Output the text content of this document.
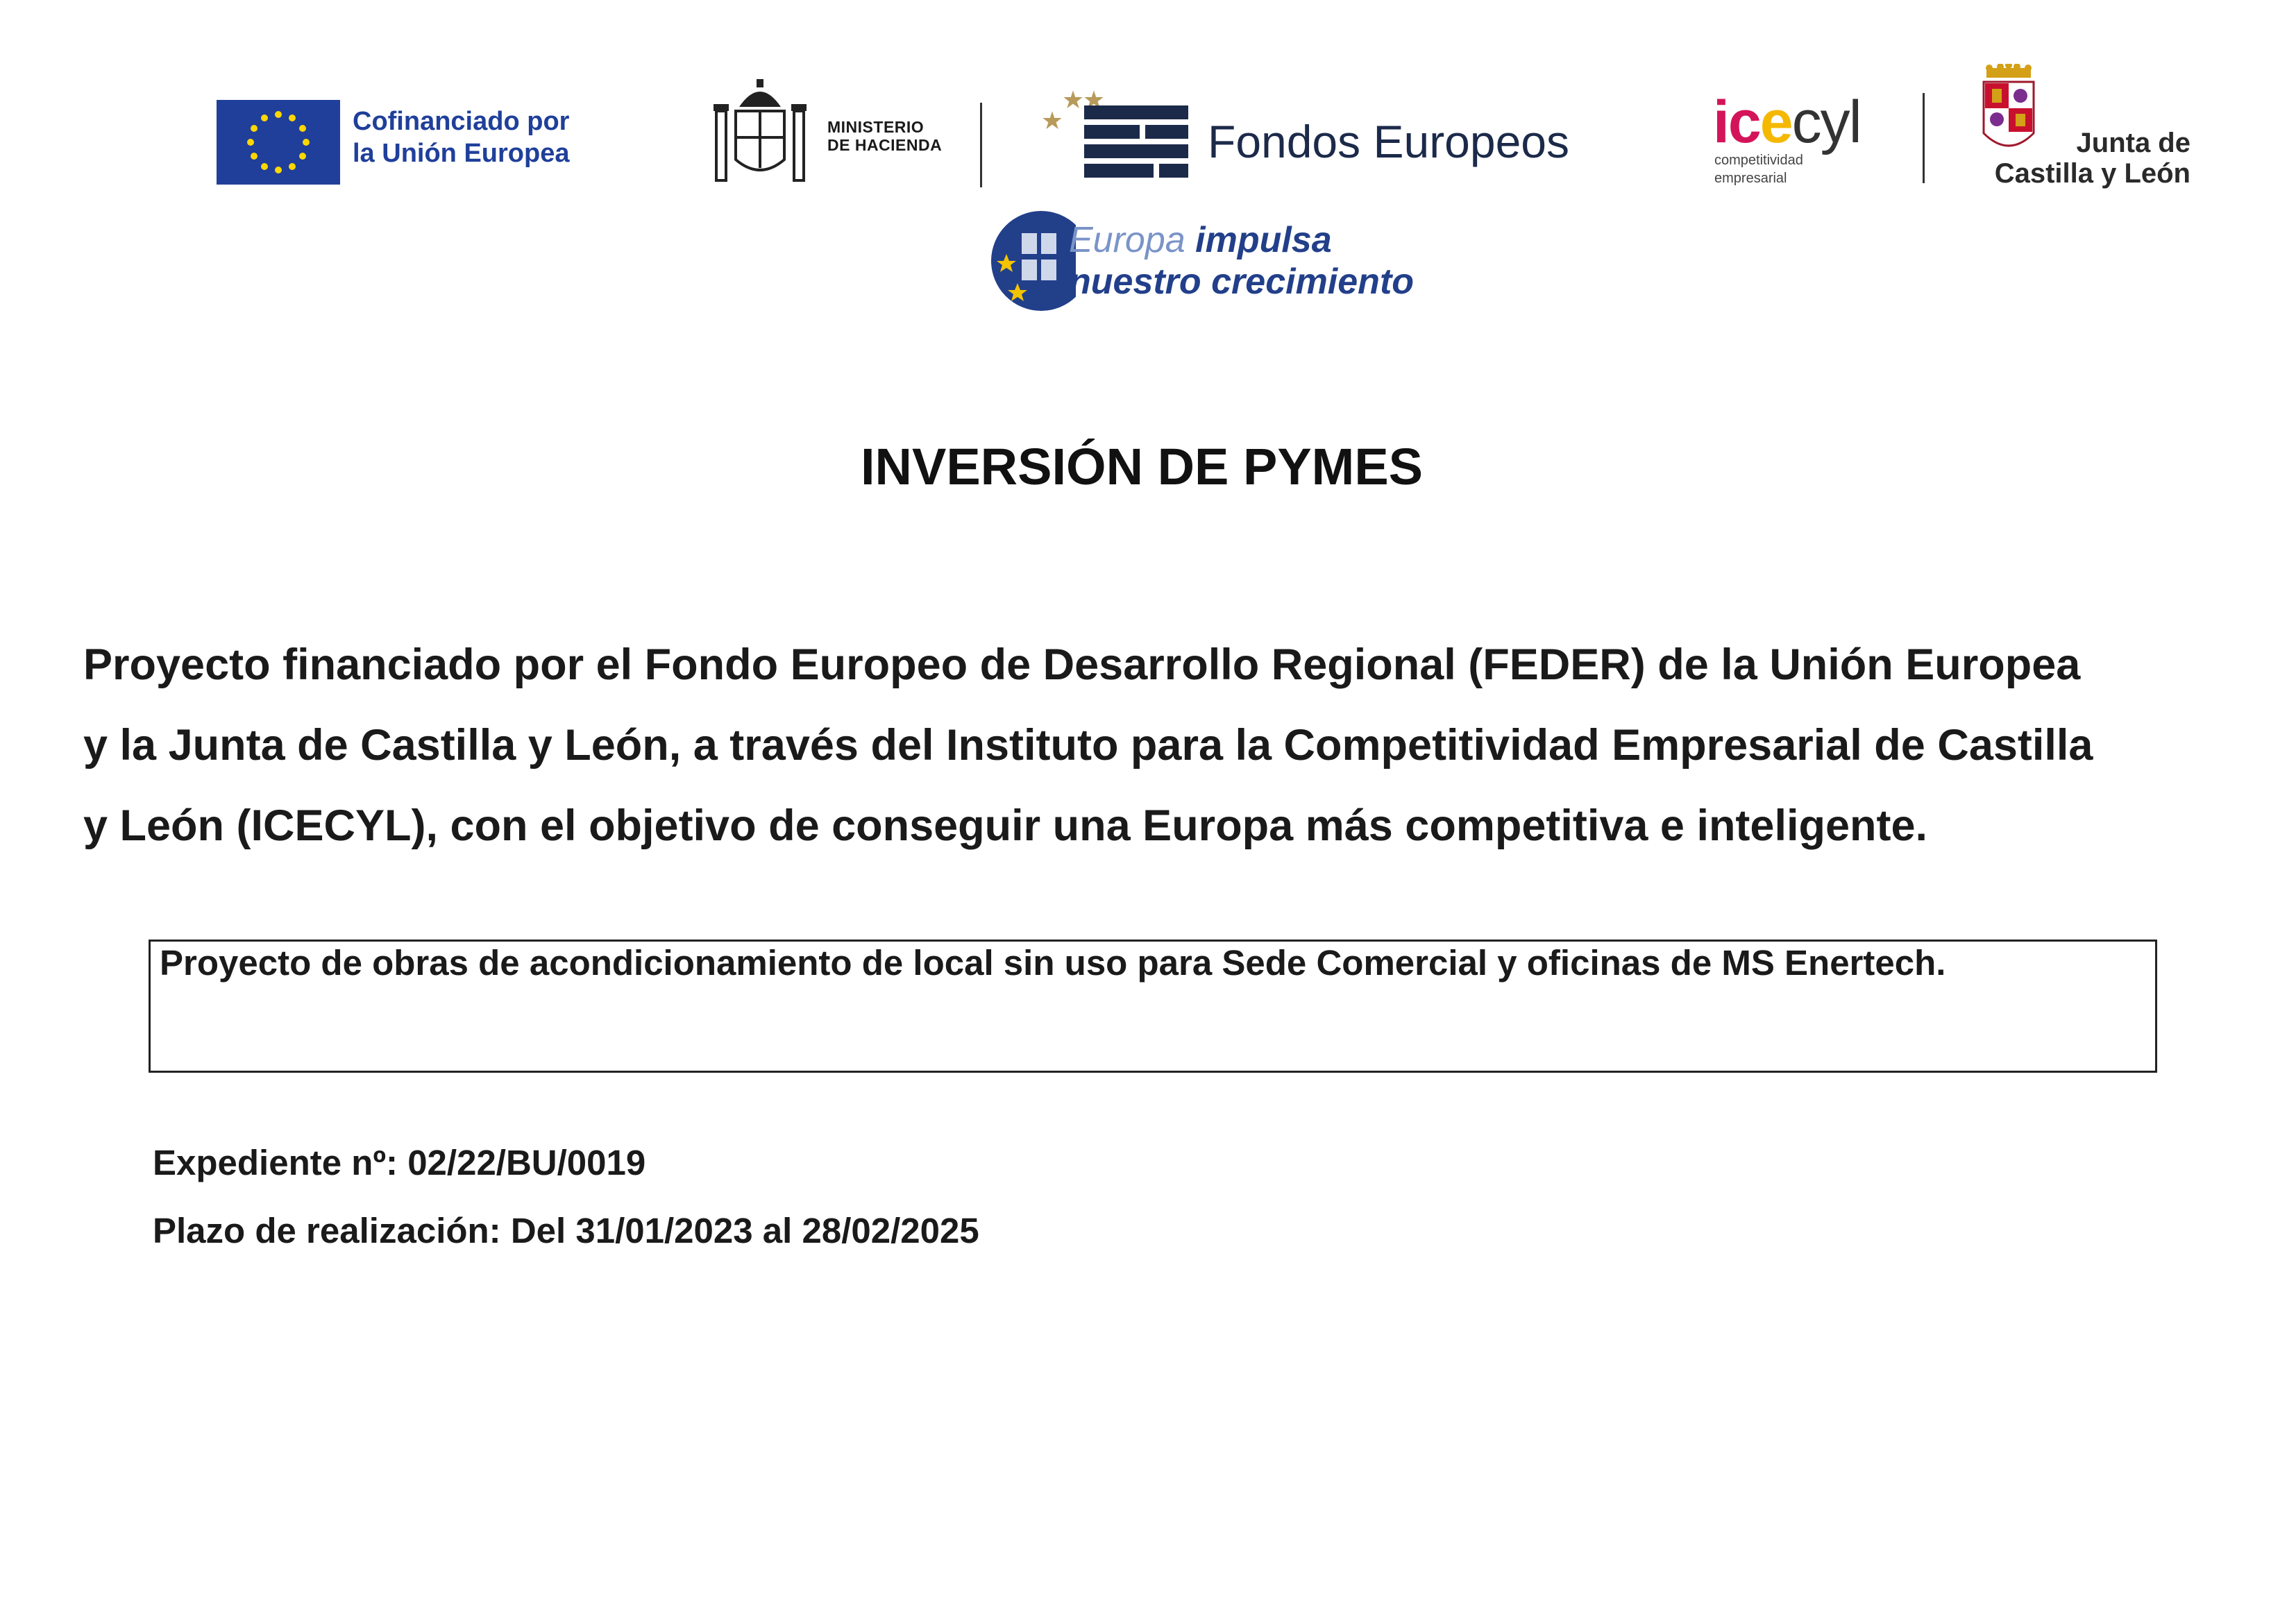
Cofinanciado por
la Unión Europea
MINISTERIO
DE HACIENDA	Fondos Europeos	icecyl
competitividad
empresarial
Junta de
Castilla y León
Europa impulsa
nuestro crecimiento
INVERSIÓN DE PYMES
Proyecto financiado por el Fondo Europeo de Desarrollo Regional (FEDER) de la Unión Europea
y la Junta de Castilla y León, a través del Instituto para la Competitividad Empresarial de Castilla
y León (ICECYL), con el objetivo de conseguir una Europa más competitiva e inteligente.
Proyecto de obras de acondicionamiento de local sin uso para Sede Comercial y oficinas de MS Enertech.
Expediente nº: 02/22/BU/0019
Plazo de realización: Del 31/01/2023 al 28/02/2025
